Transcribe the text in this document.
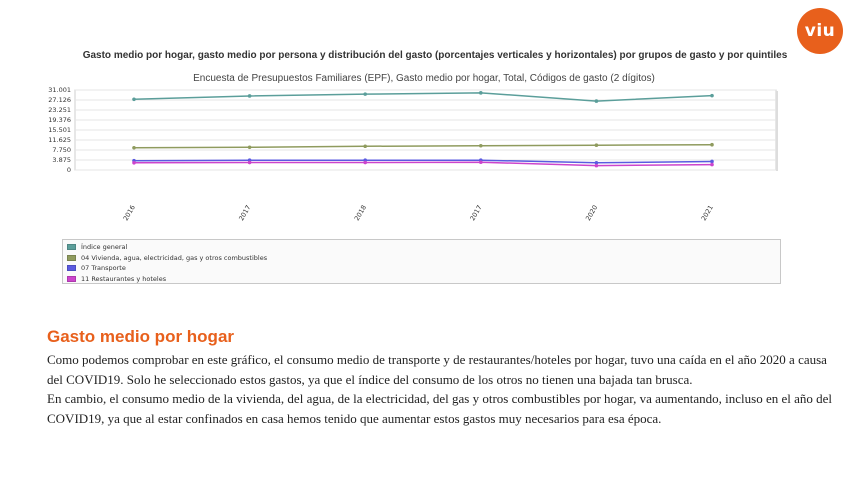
viu
Gasto medio por hogar, gasto medio por persona y distribución del gasto (porcentajes verticales y horizontales) por grupos de gasto y por quintiles
Encuesta de Presupuestos Familiares (EPF), Gasto medio por hogar, Total, Códigos de gasto (2 dígitos)
31.001
27.126
23.251
19.376
15.501
11.625
7.750
3.875
0
2016	2017	2018	2017	2020	2021
Índice general
04 Vivienda, agua, electricidad, gas y otros combustibles
07 Transporte
11 Restaurantes y hoteles
Gasto medio por hogar

Como podemos comprobar en este gráfico, el consumo medio de transporte y de restaurantes/hoteles por hogar, tuvo una caída en el año 2020 a causa del COVID19. Solo he seleccionado estos gastos, ya que el índice del consumo de los otros no tienen una bajada tan brusca.

En cambio, el consumo medio de la vivienda, del agua, de la electricidad, del gas y otros combustibles por hogar, va aumentando, incluso en el año del COVID19, ya que al estar confinados en casa hemos tenido que aumentar estos gastos muy necesarios para esa época.
